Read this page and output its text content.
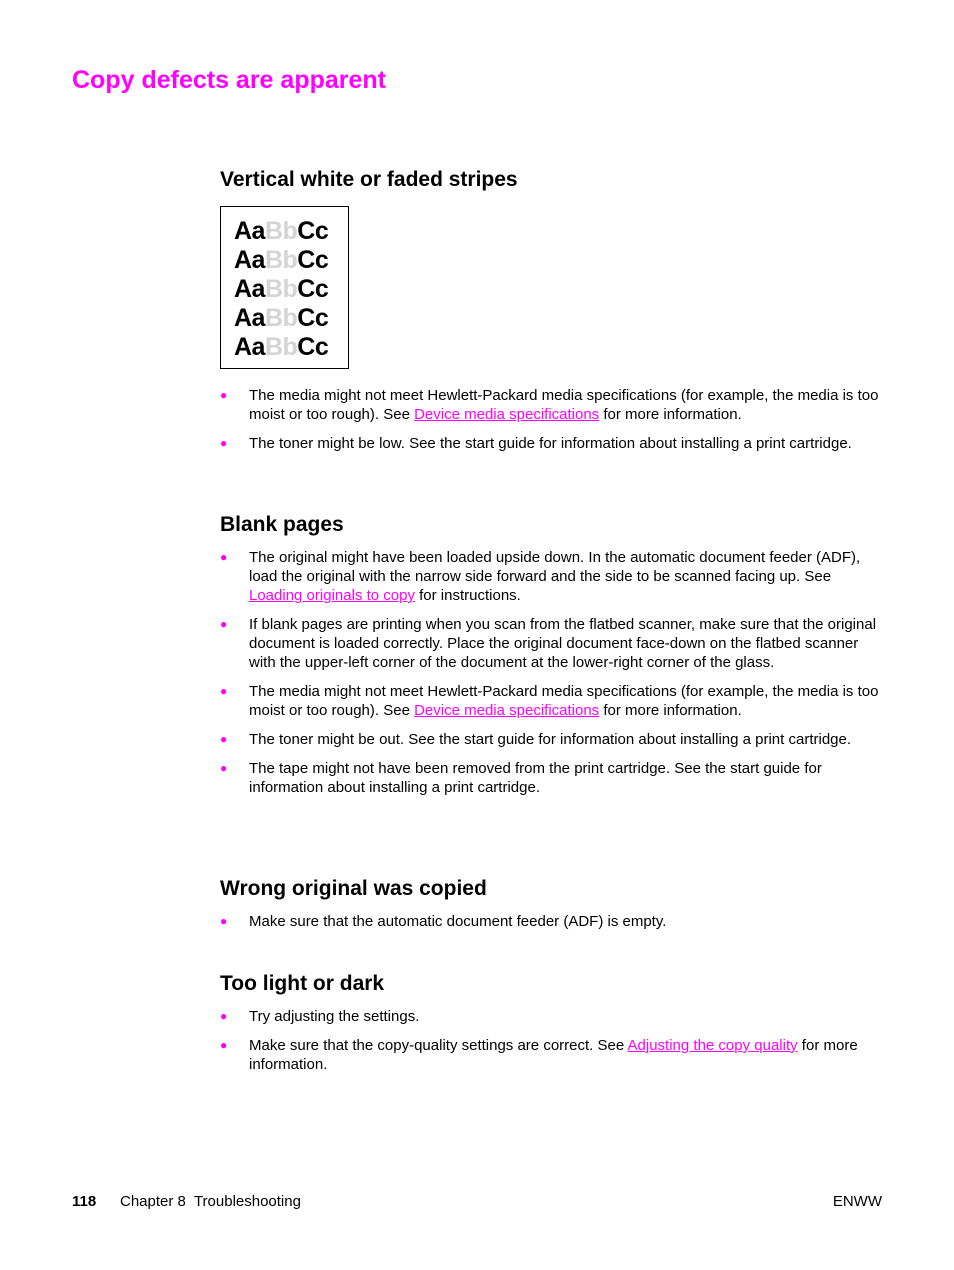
Copy defects are apparent
Vertical white or faded stripes
AaBbCc
AaBbCc
AaBbCc
AaBbCc
AaBbCc
● The media might not meet Hewlett-Packard media specifications (for example, the media is too moist or too rough). See Device media specifications for more information.
● The toner might be low. See the start guide for information about installing a print cartridge.
Blank pages
● The original might have been loaded upside down. In the automatic document feeder (ADF), load the original with the narrow side forward and the side to be scanned facing up. See Loading originals to copy for instructions.
● If blank pages are printing when you scan from the flatbed scanner, make sure that the original document is loaded correctly. Place the original document face-down on the flatbed scanner with the upper-left corner of the document at the lower-right corner of the glass.
● The media might not meet Hewlett-Packard media specifications (for example, the media is too moist or too rough). See Device media specifications for more information.
● The toner might be out. See the start guide for information about installing a print cartridge.
● The tape might not have been removed from the print cartridge. See the start guide for information about installing a print cartridge.
Wrong original was copied
● Make sure that the automatic document feeder (ADF) is empty.
Too light or dark
● Try adjusting the settings.
● Make sure that the copy-quality settings are correct. See Adjusting the copy quality for more information.
118 Chapter 8  Troubleshooting	ENWW
